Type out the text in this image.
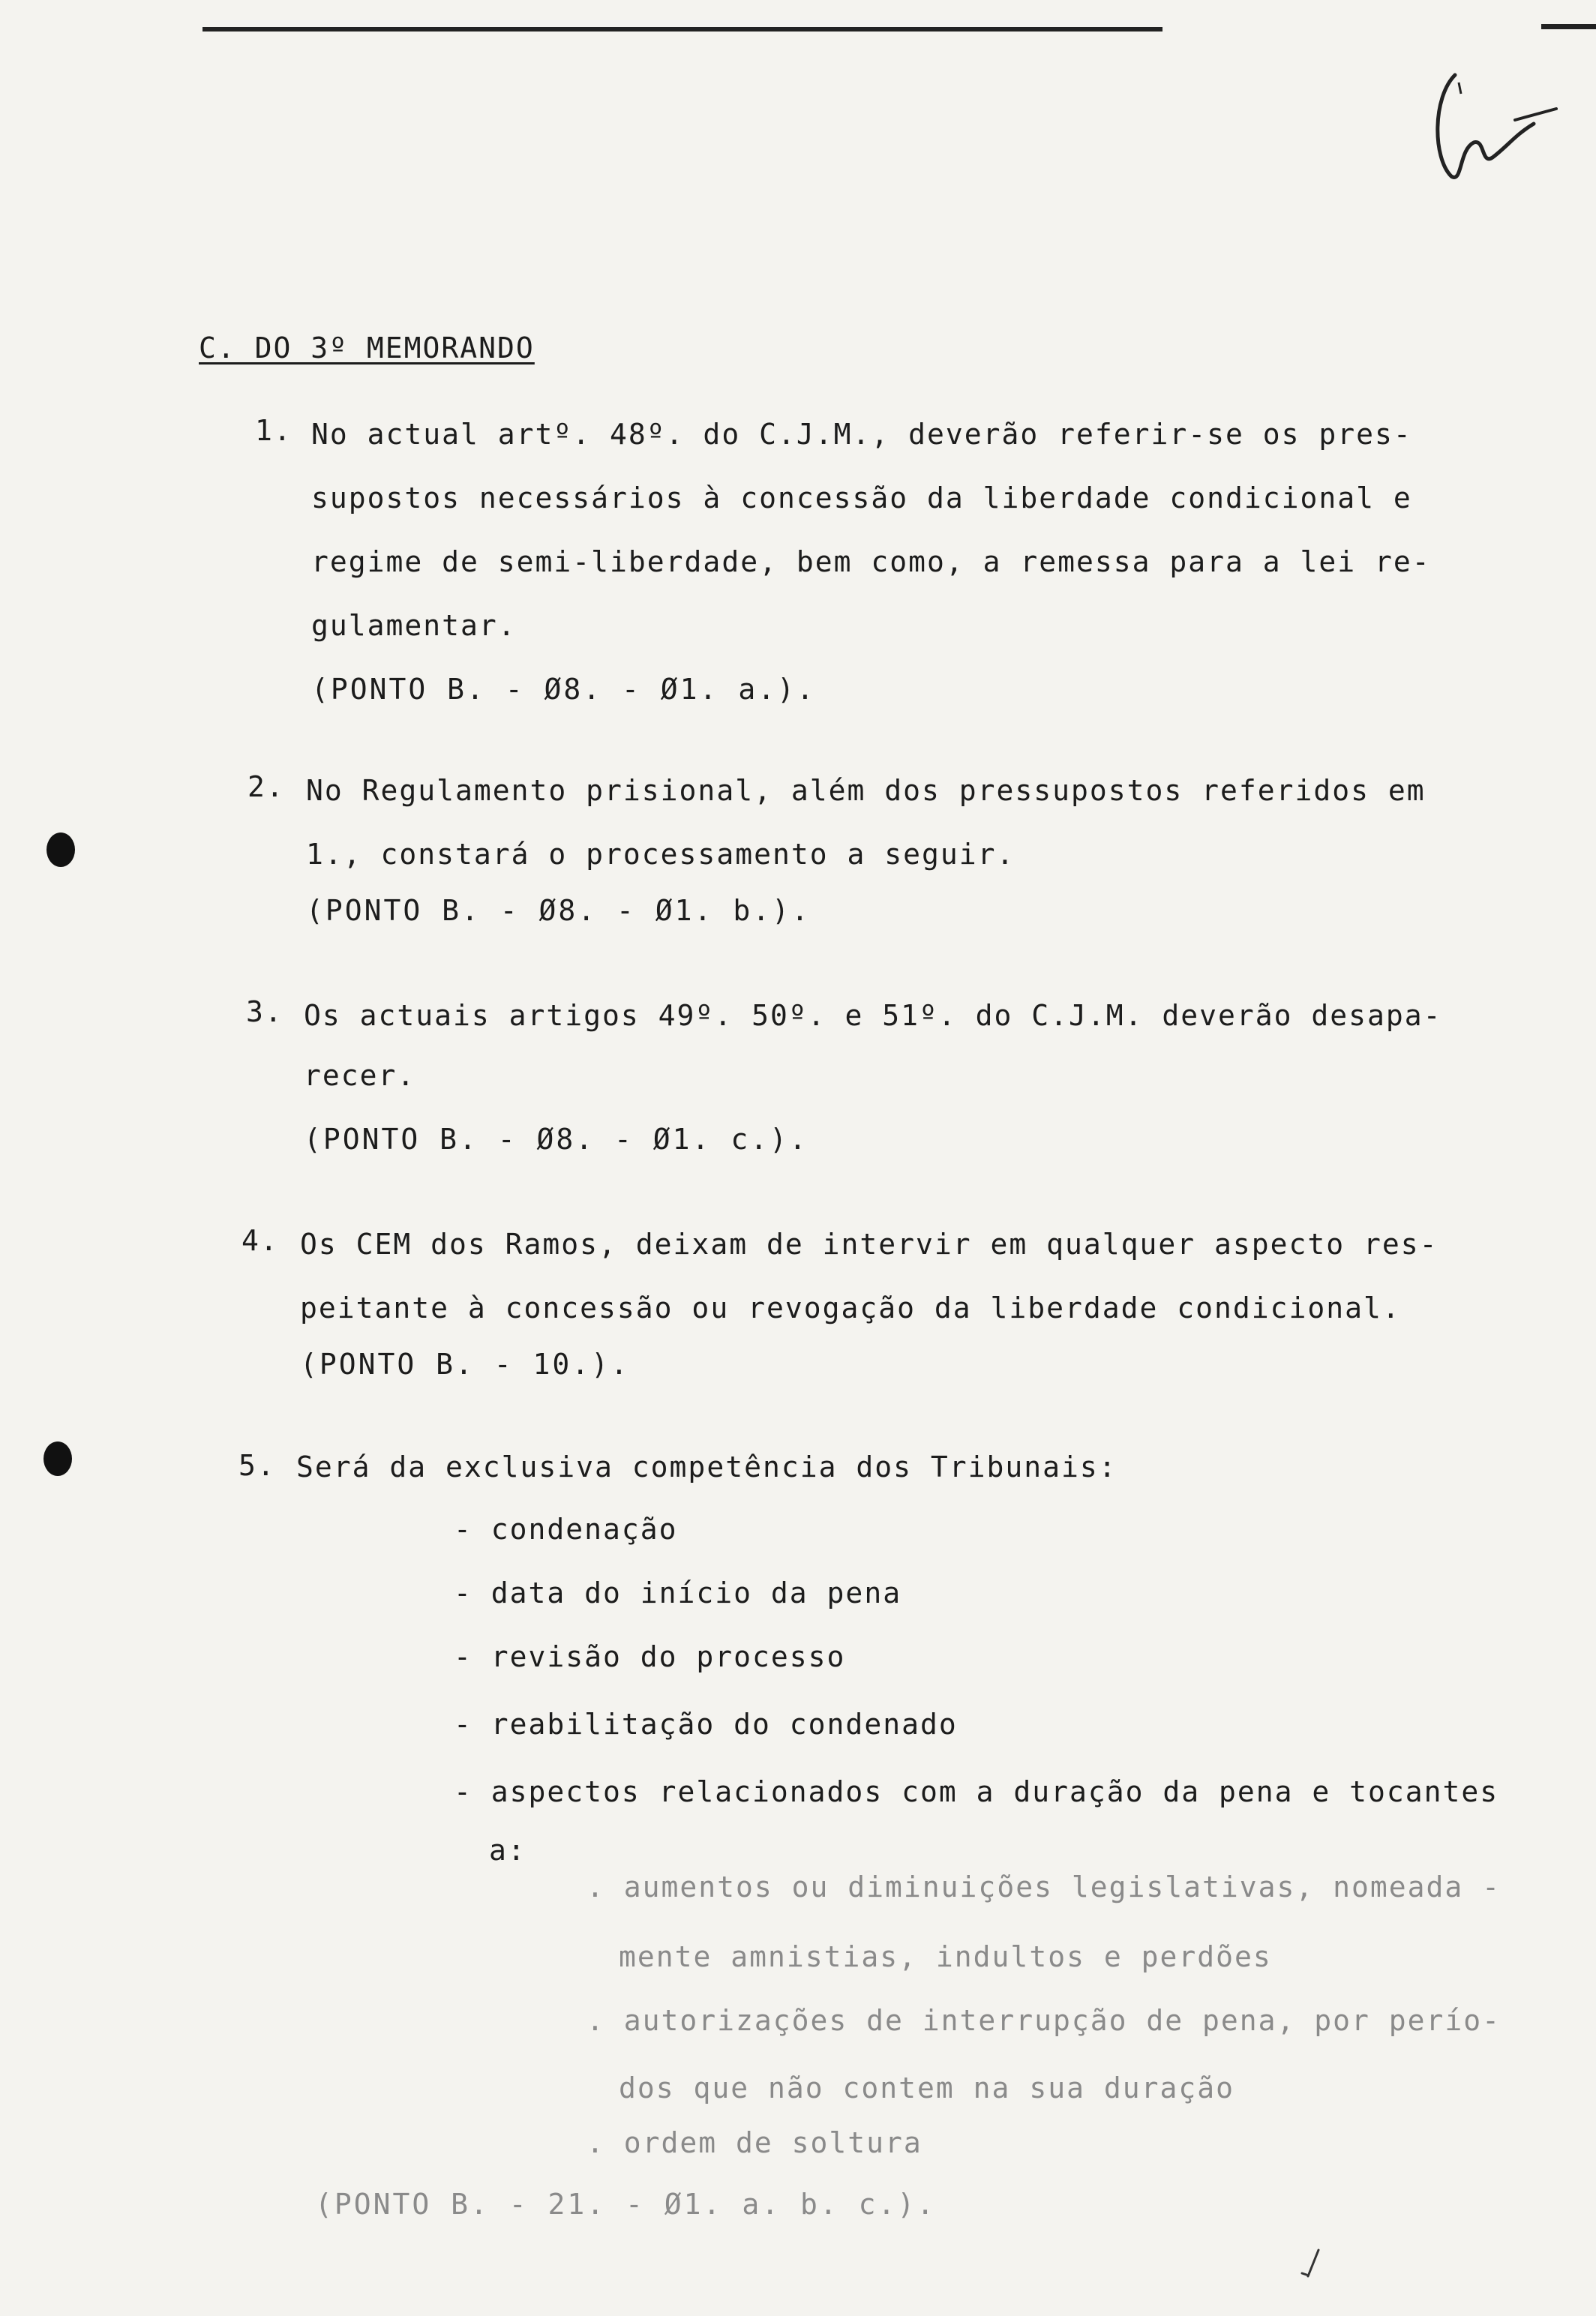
C. DO 3º MEMORANDO
1. No actual artº. 48º. do C.J.M., deverão referir-se os pres-
supostos necessários à concessão da liberdade condicional e
regime de semi-liberdade, bem como, a remessa para a lei re-
gulamentar.
(PONTO B. - Ø8. - Ø1. a.).
2. No Regulamento prisional, além dos pressupostos referidos em
1., constará o processamento a seguir.
(PONTO B. - Ø8. - Ø1. b.).
3. Os actuais artigos 49º. 50º. e 51º. do C.J.M. deverão desapa-
recer.
(PONTO B. - Ø8. - Ø1. c.).
4. Os CEM dos Ramos, deixam de intervir em qualquer aspecto res-
peitante à concessão ou revogação da liberdade condicional.
(PONTO B. - 10.).
5. Será da exclusiva competência dos Tribunais:
- condenação
- data do início da pena
- revisão do processo
- reabilitação do condenado
- aspectos relacionados com a duração da pena e tocantes
a:
. aumentos ou diminuições legislativas, nomeada -
mente amnistias, indultos e perdões
. autorizações de interrupção de pena, por perío-
dos que não contem na sua duração
. ordem de soltura
(PONTO B. - 21. - Ø1. a. b. c.).
